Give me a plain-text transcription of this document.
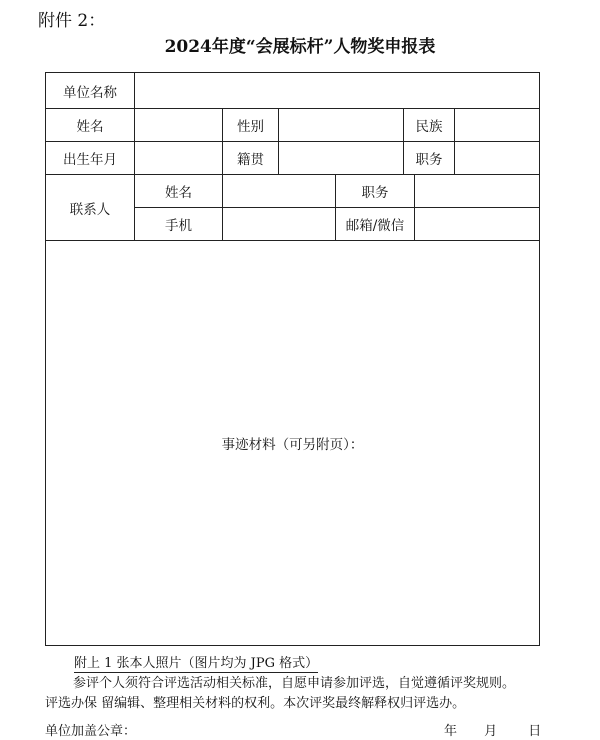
附件 2：
2024年度“会展标杆”人物奖申报表
单位名称					
姓名		性别			民族

出生年月		籍贯			职务

联系人	姓名			职务	

	手机			邮箱/微信	

事迹材料（可另附页）：					
附上 1 张本人照片（图片均为 JPG 格式）
参评个人须符合评选活动相关标准，自愿申请参加评选，自觉遵循评奖规则。
评选办保 留编辑、整理相关材料的权利。本次评奖最终解释权归评选办。
单位加盖公章：	年 月 日
